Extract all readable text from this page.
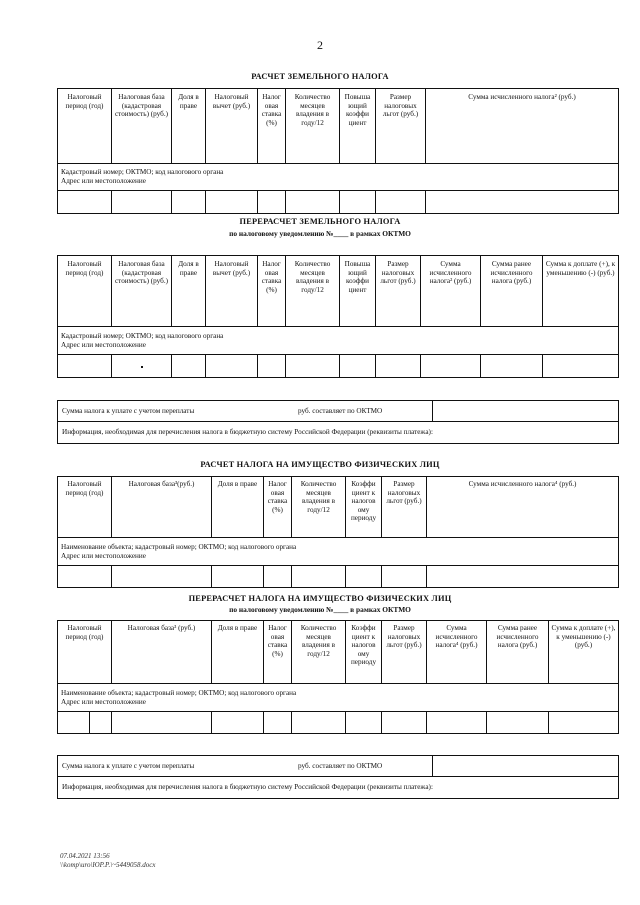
2
РАСЧЕТ ЗЕМЕЛЬНОГО НАЛОГА
Налоговый период (год)	Налоговая база (кадастровая стоимость) (руб.)	Доля в праве	Налоговый вычет (руб.)	Налог овая ставка (%)	Количество месяцев владения в году/12	Повыша ющий коэффи циент	Размер налоговых льгот (руб.)	Сумма исчисленного налога² (руб.)

Кадастровый номер; ОКТМО; код налогового органа
Адрес или местоположение								

ПЕРЕРАСЧЕТ ЗЕМЕЛЬНОГО НАЛОГА
по налоговому уведомлению №____ в рамках ОКТМО
Налоговый период (год)	Налоговая база (кадастровая стоимость) (руб.)	Доля в праве	Налоговый вычет (руб.)	Налог овая ставка (%)	Количество месяцев владения в году/12	Повыша ющий коэффи циент	Размер налоговых льгот (руб.)	Сумма исчисленного налога² (руб.)	Сумма ранее исчисленного налога (руб.)	Сумма к доплате (+), к уменьшению (-) (руб.)

Кадастровый номер; ОКТМО; код налогового органа
Адрес или местоположение										

Сумма налога к уплате с учетом переплаты	руб. составляет по ОКТМО
Информация, необходимая для перечисления налога в бюджетную систему Российской Федерации (реквизиты платежа):
РАСЧЕТ НАЛОГА НА ИМУЩЕСТВО ФИЗИЧЕСКИХ ЛИЦ
Налоговый период (год)	Налоговая база³(руб.)	Доля в праве	Налог овая ставка (%)	Количество месяцев владения в году/12	Коэффи циент к налогов ому периоду	Размер налоговых льгот (руб.)	Сумма исчисленного налога⁴ (руб.)

Наименование объекта; кадастровый номер; ОКТМО; код налогового органа
Адрес или местоположение							

ПЕРЕРАСЧЕТ НАЛОГА НА ИМУЩЕСТВО ФИЗИЧЕСКИХ ЛИЦ
по налоговому уведомлению №____ в рамках ОКТМО
Налоговый период (год)		Налоговая база³ (руб.)	Доля в праве	Налог овая ставка (%)	Количество месяцев владения в году/12	Коэффи циент к налогов ому периоду	Размер налоговых льгот (руб.)	Сумма исчисленного налога⁴ (руб.)	Сумма ранее исчисленного налога (руб.)	Сумма к доплате (+), к уменьшению (-) (руб.)

Наименование объекта; кадастровый номер; ОКТМО; код налогового органа
Адрес или местоположение										

Сумма налога к уплате с учетом переплаты	руб. составляет по ОКТМО
Информация, необходимая для перечисления налога в бюджетную систему Российской Федерации (реквизиты платежа):
07.04.2021 13:56
\\komp\uro\ЮР.Р.\~5449058.docx
